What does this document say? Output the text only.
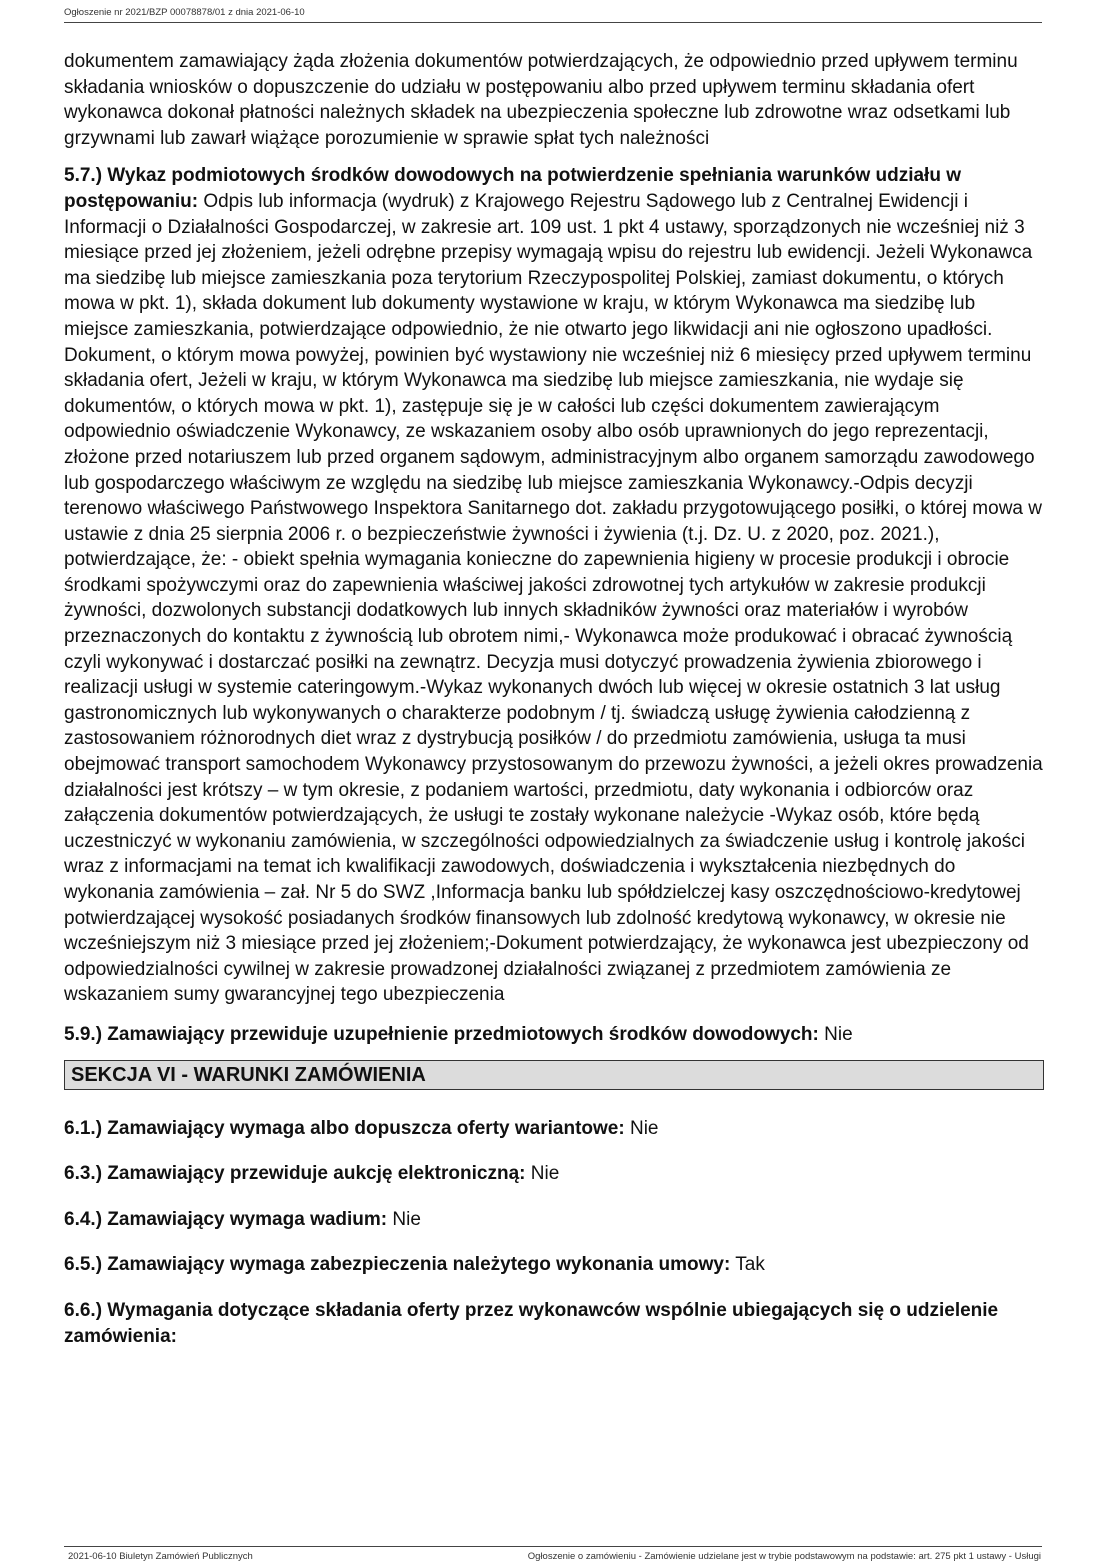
Ogłoszenie nr 2021/BZP 00078878/01 z dnia 2021-06-10

dokumentem zamawiający żąda złożenia dokumentów potwierdzających, że odpowiednio przed upływem terminu składania wniosków o dopuszczenie do udziału w postępowaniu albo przed upływem terminu składania ofert wykonawca dokonał płatności należnych składek na ubezpieczenia społeczne lub zdrowotne wraz odsetkami lub grzywnami lub zawarł wiążące porozumienie w sprawie spłat tych należności

5.7.) Wykaz podmiotowych środków dowodowych na potwierdzenie spełniania warunków udziału w postępowaniu: Odpis lub informacja (wydruk) z Krajowego Rejestru Sądowego lub z Centralnej Ewidencji i Informacji o Działalności Gospodarczej, w zakresie art. 109 ust. 1 pkt 4 ustawy, sporządzonych nie wcześniej niż 3 miesiące przed jej złożeniem, jeżeli odrębne przepisy wymagają wpisu do rejestru lub ewidencji. Jeżeli Wykonawca ma siedzibę lub miejsce zamieszkania poza terytorium Rzeczypospolitej Polskiej, zamiast dokumentu, o których mowa w pkt. 1), składa dokument lub dokumenty wystawione w kraju, w którym Wykonawca ma siedzibę lub miejsce zamieszkania, potwierdzające odpowiednio, że nie otwarto jego likwidacji ani nie ogłoszono upadłości. Dokument, o którym mowa powyżej, powinien być wystawiony nie wcześniej niż 6 miesięcy przed upływem terminu składania ofert, Jeżeli w kraju, w którym Wykonawca ma siedzibę lub miejsce zamieszkania, nie wydaje się dokumentów, o których mowa w pkt. 1), zastępuje się je w całości lub części dokumentem zawierającym odpowiednio oświadczenie Wykonawcy, ze wskazaniem osoby albo osób uprawnionych do jego reprezentacji, złożone przed notariuszem lub przed organem sądowym, administracyjnym albo organem samorządu zawodowego lub gospodarczego właściwym ze względu na siedzibę lub miejsce zamieszkania Wykonawcy.-Odpis decyzji terenowo właściwego Państwowego Inspektora Sanitarnego dot. zakładu przygotowującego posiłki, o której mowa w ustawie z dnia 25 sierpnia 2006 r. o bezpieczeństwie żywności i żywienia (t.j. Dz. U. z 2020, poz. 2021.), potwierdzające, że: - obiekt spełnia wymagania konieczne do zapewnienia higieny w procesie produkcji i obrocie środkami spożywczymi oraz do zapewnienia właściwej jakości zdrowotnej tych artykułów w zakresie produkcji żywności, dozwolonych substancji dodatkowych lub innych składników żywności oraz materiałów i wyrobów przeznaczonych do kontaktu z żywnością lub obrotem nimi,- Wykonawca może produkować i obracać żywnością czyli wykonywać i dostarczać posiłki na zewnątrz. Decyzja musi dotyczyć prowadzenia żywienia zbiorowego i realizacji usługi w systemie cateringowym.-Wykaz wykonanych dwóch lub więcej w okresie ostatnich 3 lat usług gastronomicznych lub wykonywanych o charakterze podobnym / tj. świadczą usługę żywienia całodzienną z zastosowaniem różnorodnych diet wraz z dystrybucją posiłków / do przedmiotu zamówienia, usługa ta musi obejmować transport samochodem Wykonawcy przystosowanym do przewozu żywności, a jeżeli okres prowadzenia działalności jest krótszy – w tym okresie, z podaniem wartości, przedmiotu, daty wykonania i odbiorców oraz załączenia dokumentów potwierdzających, że usługi te zostały wykonane należycie -Wykaz osób, które będą uczestniczyć w wykonaniu zamówienia, w szczególności odpowiedzialnych za świadczenie usług i kontrolę jakości wraz z informacjami na temat ich kwalifikacji zawodowych, doświadczenia i wykształcenia niezbędnych do wykonania zamówienia – zał. Nr 5 do SWZ ,Informacja banku lub spółdzielczej kasy oszczędnościowo-kredytowej potwierdzającej wysokość posiadanych środków finansowych lub zdolność kredytową wykonawcy, w okresie nie wcześniejszym niż 3 miesiące przed jej złożeniem;-Dokument potwierdzający, że wykonawca jest ubezpieczony od odpowiedzialności cywilnej w zakresie prowadzonej działalności związanej z przedmiotem zamówienia ze wskazaniem sumy gwarancyjnej tego ubezpieczenia

5.9.) Zamawiający przewiduje uzupełnienie przedmiotowych środków dowodowych: Nie

SEKCJA VI - WARUNKI ZAMÓWIENIA

6.1.) Zamawiający wymaga albo dopuszcza oferty wariantowe: Nie

6.3.) Zamawiający przewiduje aukcję elektroniczną: Nie

6.4.) Zamawiający wymaga wadium: Nie

6.5.) Zamawiający wymaga zabezpieczenia należytego wykonania umowy: Tak

6.6.) Wymagania dotyczące składania oferty przez wykonawców wspólnie ubiegających się o udzielenie zamówienia:

2021-06-10 Biuletyn Zamówień Publicznych	Ogłoszenie o zamówieniu - Zamówienie udzielane jest w trybie podstawowym na podstawie: art. 275 pkt 1 ustawy - Usługi
